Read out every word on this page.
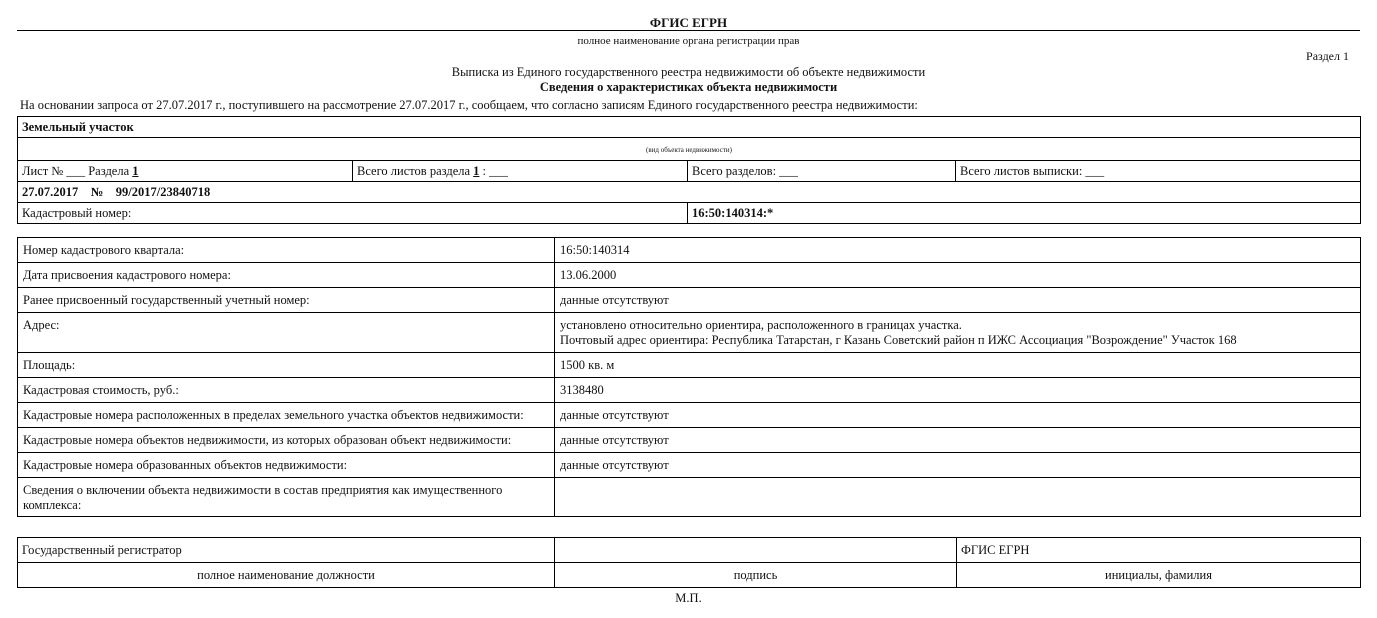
ФГИС ЕГРН
полное наименование органа регистрации прав
Раздел 1
Выписка из Единого государственного реестра недвижимости об объекте недвижимости
Сведения о характеристиках объекта недвижимости
На основании запроса от 27.07.2017 г., поступившего на рассмотрение 27.07.2017 г., сообщаем, что согласно записям Единого государственного реестра недвижимости:
Земельный участок			
(вид объекта недвижимости)			
Лист № ___ Раздела 1	Всего листов раздела 1 : ___	Всего разделов: ___	Всего листов выписки: ___
27.07.2017    №    99/2017/23840718			
Кадастровый номер:		16:50:140314:*	
Номер кадастрового квартала:	16:50:140314
Дата присвоения кадастрового номера:	13.06.2000
Ранее присвоенный государственный учетный номер:	данные отсутствуют
Адрес:	установлено относительно ориентира, расположенного в границах участка.
Почтовый адрес ориентира: Республика Татарстан, г Казань Советский район п ИЖС Ассоциация "Возрождение" Участок 168

Площадь:	1500 кв. м
Кадастровая стоимость, руб.:	3138480
Кадастровые номера расположенных в пределах земельного участка объектов недвижимости:	данные отсутствуют
Кадастровые номера объектов недвижимости, из которых образован объект недвижимости:	данные отсутствуют
Кадастровые номера образованных объектов недвижимости:	данные отсутствуют
Сведения о включении объекта недвижимости в состав предприятия как имущественного комплекса:	
Государственный регистратор		ФГИС ЕГРН
полное наименование должности	подпись	инициалы, фамилия
М.П.
